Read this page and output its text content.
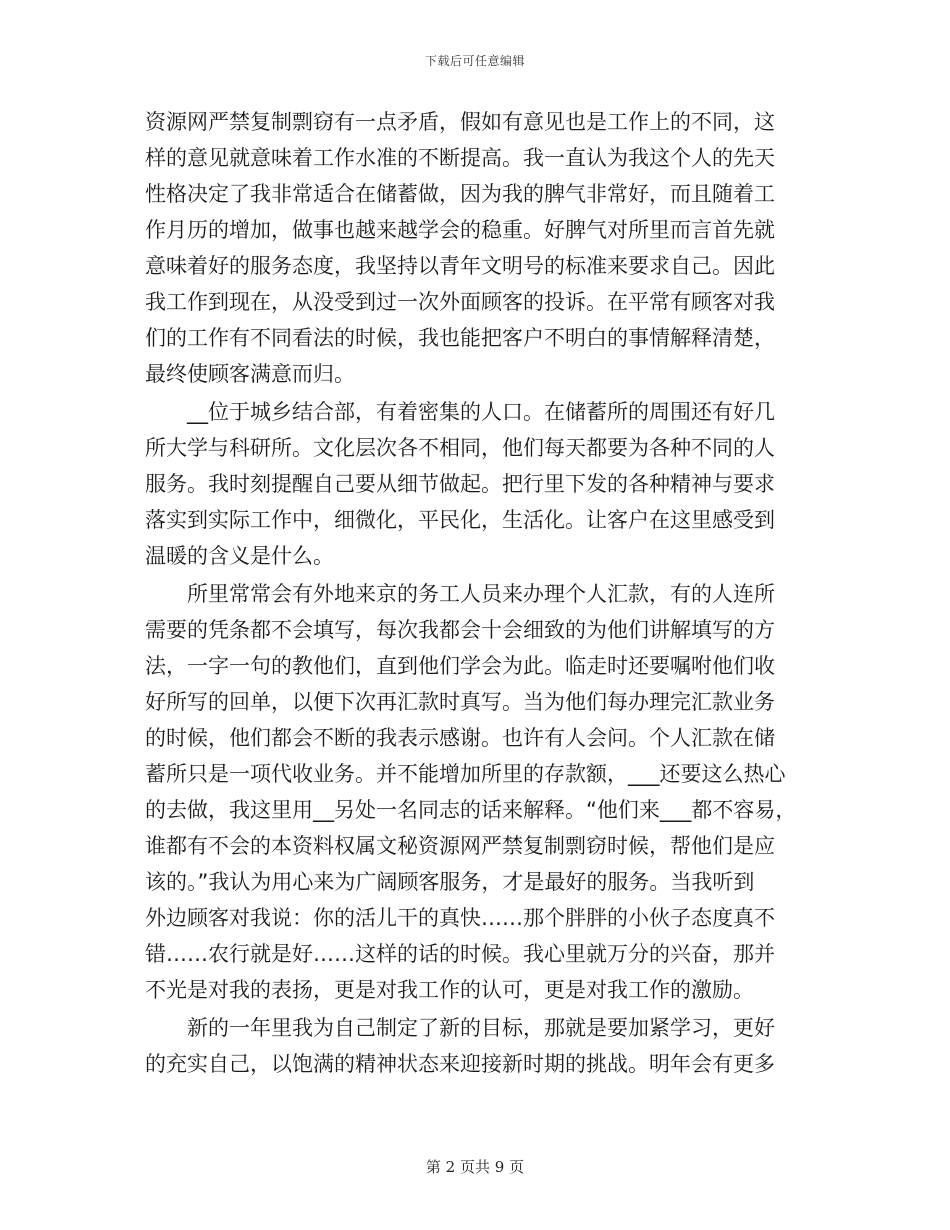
下载后可任意编辑

资源网严禁复制剽窃有一点矛盾，假如有意见也是工作上的不同，这
样的意见就意味着工作水准的不断提高。我一直认为我这个人的先天
性格决定了我非常适合在储蓄做，因为我的脾气非常好，而且随着工
作月历的增加，做事也越来越学会的稳重。好脾气对所里而言首先就
意味着好的服务态度，我坚持以青年文明号的标准来要求自己。因此
我工作到现在，从没受到过一次外面顾客的投诉。在平常有顾客对我
们的工作有不同看法的时候，我也能把客户不明白的事情解释清楚，
最终使顾客满意而归。

__位于城乡结合部，有着密集的人口。在储蓄所的周围还有好几
所大学与科研所。文化层次各不相同，他们每天都要为各种不同的人
服务。我时刻提醒自己要从细节做起。把行里下发的各种精神与要求
落实到实际工作中，细微化，平民化，生活化。让客户在这里感受到
温暖的含义是什么。

所里常常会有外地来京的务工人员来办理个人汇款，有的人连所
需要的凭条都不会填写，每次我都会十会细致的为他们讲解填写的方
法，一字一句的教他们，直到他们学会为此。临走时还要嘱咐他们收
好所写的回单，以便下次再汇款时真写。当为他们每办理完汇款业务
的时候，他们都会不断的我表示感谢。也许有人会问。个人汇款在储
蓄所只是一项代收业务。并不能增加所里的存款额，___还要这么热心
的去做，我这里用__另处一名同志的话来解释。“他们来___都不容易，
谁都有不会的本资料权属文秘资源网严禁复制剽窃时候，帮他们是应
该的。”我认为用心来为广阔顾客服务，才是最好的服务。当我听到
外边顾客对我说：你的活儿干的真快……那个胖胖的小伙子态度真不
错……农行就是好……这样的话的时候。我心里就万分的兴奋，那并
不光是对我的表扬，更是对我工作的认可，更是对我工作的激励。

新的一年里我为自己制定了新的目标，那就是要加紧学习，更好
的充实自己，以饱满的精神状态来迎接新时期的挑战。明年会有更多

第 2 页共 9 页
